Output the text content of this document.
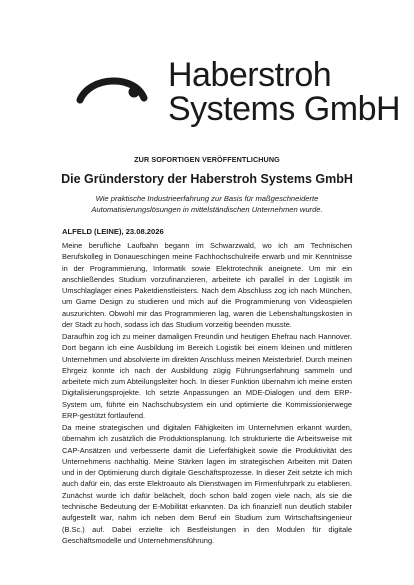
Haberstroh
Systems GmbH
ZUR SOFORTIGEN VERÖFFENTLICHUNG
Die Gründerstory der Haberstroh Systems GmbH
Wie praktische Industrieerfahrung zur Basis für maßgeschneiderte Automatisierungslösungen in mittelständischen Unternehmen wurde.
ALFELD (LEINE), 23.08.2026

Meine berufliche Laufbahn begann im Schwarzwald, wo ich am Technischen Berufskolleg in Donaueschingen meine Fachhochschulreife erwarb und mir Kenntnisse in der Programmierung, Informatik sowie Elektrotechnik aneignete. Um mir ein anschließendes Studium vorzufinanzieren, arbeitete ich parallel in der Logistik im Umschlaglager eines Paketdienstleisters. Nach dem Abschluss zog ich nach München, um Game Design zu studieren und mich auf die Programmierung von Videospielen auszurichten. Obwohl mir das Programmieren lag, waren die Lebenshaltungskosten in der Stadt zu hoch, sodass ich das Studium vorzeitig beenden musste.

Daraufhin zog ich zu meiner damaligen Freundin und heutigen Ehefrau nach Hannover. Dort begann ich eine Ausbildung im Bereich Logistik bei einem kleinen und mittleren Unternehmen und absolvierte im direkten Anschluss meinen Meisterbrief. Durch meinen Ehrgeiz konnte ich nach der Ausbildung zügig Führungserfahrung sammeln und arbeitete mich zum Abteilungsleiter hoch. In dieser Funktion übernahm ich meine ersten Digitalisierungsprojekte. Ich setzte Anpassungen an MDE-Dialogen und dem ERP-System um, führte ein Nachschubsystem ein und optimierte die Kommissionierwege ERP-gestützt fortlaufend.

Da meine strategischen und digitalen Fähigkeiten im Unternehmen erkannt wurden, übernahm ich zusätzlich die Produktionsplanung. Ich strukturierte die Arbeitsweise mit CAP-Ansätzen und verbesserte damit die Lieferfähigkeit sowie die Produktivität des Unternehmens nachhaltig. Meine Stärken lagen im strategischen Arbeiten mit Daten und in der Optimierung durch digitale Geschäftsprozesse. In dieser Zeit setzte ich mich auch dafür ein, das erste Elektroauto als Dienstwagen im Firmenfuhrpark zu etablieren. Zunächst wurde ich dafür belächelt, doch schon bald zogen viele nach, als sie die technische Bedeutung der E-Mobilität erkannten. Da ich finanziell nun deutlich stabiler aufgestellt war, nahm ich neben dem Beruf ein Studium zum Wirtschaftsingenieur (B.Sc.) auf. Dabei erzielte ich Bestleistungen in den Modulen für digitale Geschäftsmodelle und Unternehmensführung.
